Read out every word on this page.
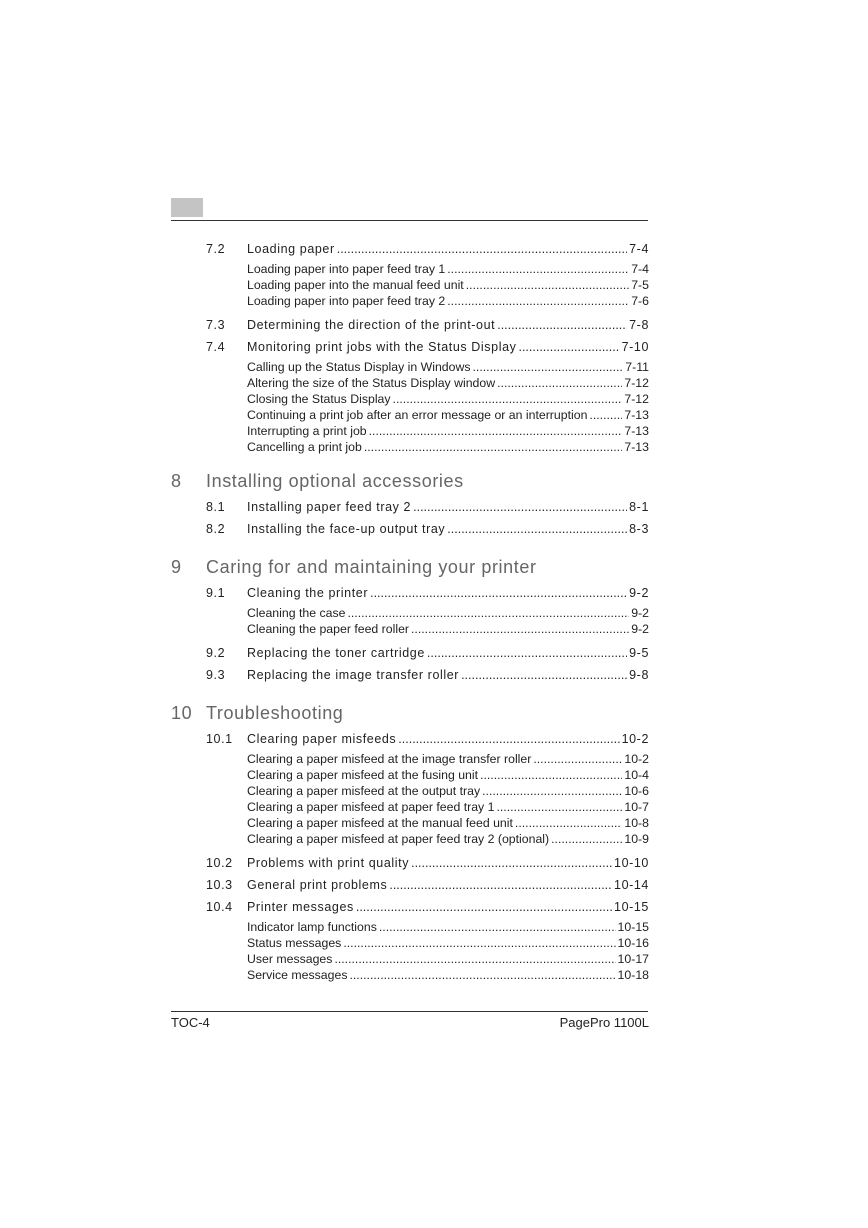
7.2	Loading paper .....	7-4
Loading paper into paper feed tray 1 .....	7-4
Loading paper into the manual feed unit .....	7-5
Loading paper into paper feed tray 2 .....	7-6
7.3	Determining the direction of the print-out .....	7-8
7.4	Monitoring print jobs with the Status Display .....	7-10
Calling up the Status Display in Windows .....	7-11
Altering the size of the Status Display window .....	7-12
Closing the Status Display .....	7-12
Continuing a print job after an error message or an interruption .....	7-13
Interrupting a print job .....	7-13
Cancelling a print job .....	7-13
8	Installing optional accessories
8.1	Installing paper feed tray 2 .....	8-1
8.2	Installing the face-up output tray .....	8-3
9	Caring for and maintaining your printer
9.1	Cleaning the printer .....	9-2
Cleaning the case .....	9-2
Cleaning the paper feed roller .....	9-2
9.2	Replacing the toner cartridge .....	9-5
9.3	Replacing the image transfer roller .....	9-8
10 Troubleshooting
10.1	Clearing paper misfeeds .....	10-2
Clearing a paper misfeed at the image transfer roller .....	10-2
Clearing a paper misfeed at the fusing unit .....	10-4
Clearing a paper misfeed at the output tray .....	10-6
Clearing a paper misfeed at paper feed tray 1 .....	10-7
Clearing a paper misfeed at the manual feed unit .....	10-8
Clearing a paper misfeed at paper feed tray 2 (optional) .....	10-9
10.2	Problems with print quality .....	10-10
10.3	General print problems .....	10-14
10.4	Printer messages .....	10-15
Indicator lamp functions .....	10-15
Status messages .....	10-16
User messages .....	10-17
Service messages .....	10-18
TOC-4	PagePro 1100L
